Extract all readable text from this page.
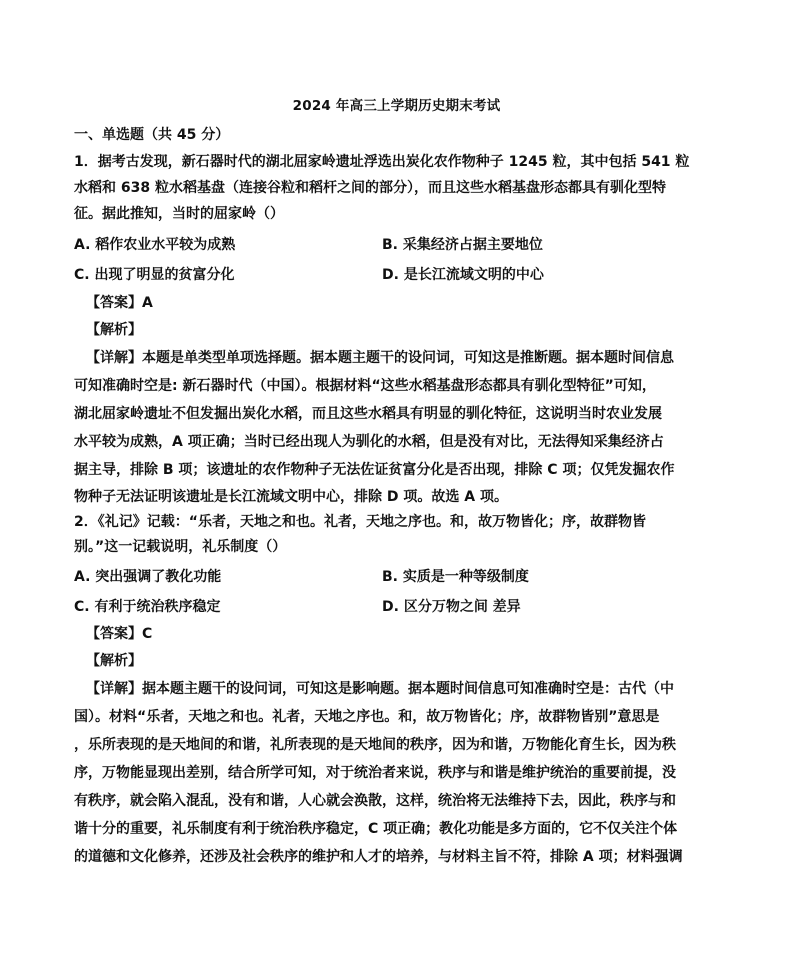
2024 年高三上学期历史期末考试
一、单选题（共 45 分）
1．据考古发现，新石器时代的湖北屈家岭遗址浮选出炭化农作物种子 1245 粒，其中包括 541 粒
水稻和 638 粒水稻基盘（连接谷粒和稻杆之间的部分），而且这些水稻基盘形态都具有驯化型特
征。据此推知，当时的屈家岭（）
A. 稻作农业水平较为成熟	B. 采集经济占据主要地位
C. 出现了明显的贫富分化	D. 是长江流域文明的中心
【答案】A
【解析】
【详解】本题是单类型单项选择题。据本题主题干的设问词，可知这是推断题。据本题时间信息
可知准确时空是: 新石器时代（中国）。根据材料“这些水稻基盘形态都具有驯化型特征”可知，
湖北屈家岭遗址不但发掘出炭化水稻，而且这些水稻具有明显的驯化特征，这说明当时农业发展
水平较为成熟，A 项正确；当时已经出现人为驯化的水稻，但是没有对比，无法得知采集经济占
据主导，排除 B 项；该遗址的农作物种子无法佐证贫富分化是否出现，排除 C 项；仅凭发掘农作
物种子无法证明该遗址是长江流域文明中心，排除 D 项。故选 A 项。
2．《礼记》记载：“乐者，天地之和也。礼者，天地之序也。和，故万物皆化；序，故群物皆
别。”这一记载说明，礼乐制度（）
A. 突出强调了教化功能	B. 实质是一种等级制度
C. 有利于统治秩序稳定	D. 区分万物之间 差异
【答案】C
【解析】
【详解】据本题主题干的设问词，可知这是影响题。据本题时间信息可知准确时空是：古代（中
国）。材料“乐者，天地之和也。礼者，天地之序也。和，故万物皆化；序，故群物皆别”意思是
，乐所表现的是天地间的和谐，礼所表现的是天地间的秩序，因为和谐，万物能化育生长，因为秩
序，万物能显现出差别，结合所学可知，对于统治者来说，秩序与和谐是维护统治的重要前提，没
有秩序，就会陷入混乱，没有和谐，人心就会涣散，这样，统治将无法维持下去，因此，秩序与和
谐十分的重要，礼乐制度有利于统治秩序稳定，C 项正确；教化功能是多方面的，它不仅关注个体
的道德和文化修养，还涉及社会秩序的维护和人才的培养，与材料主旨不符，排除 A 项；材料强调
